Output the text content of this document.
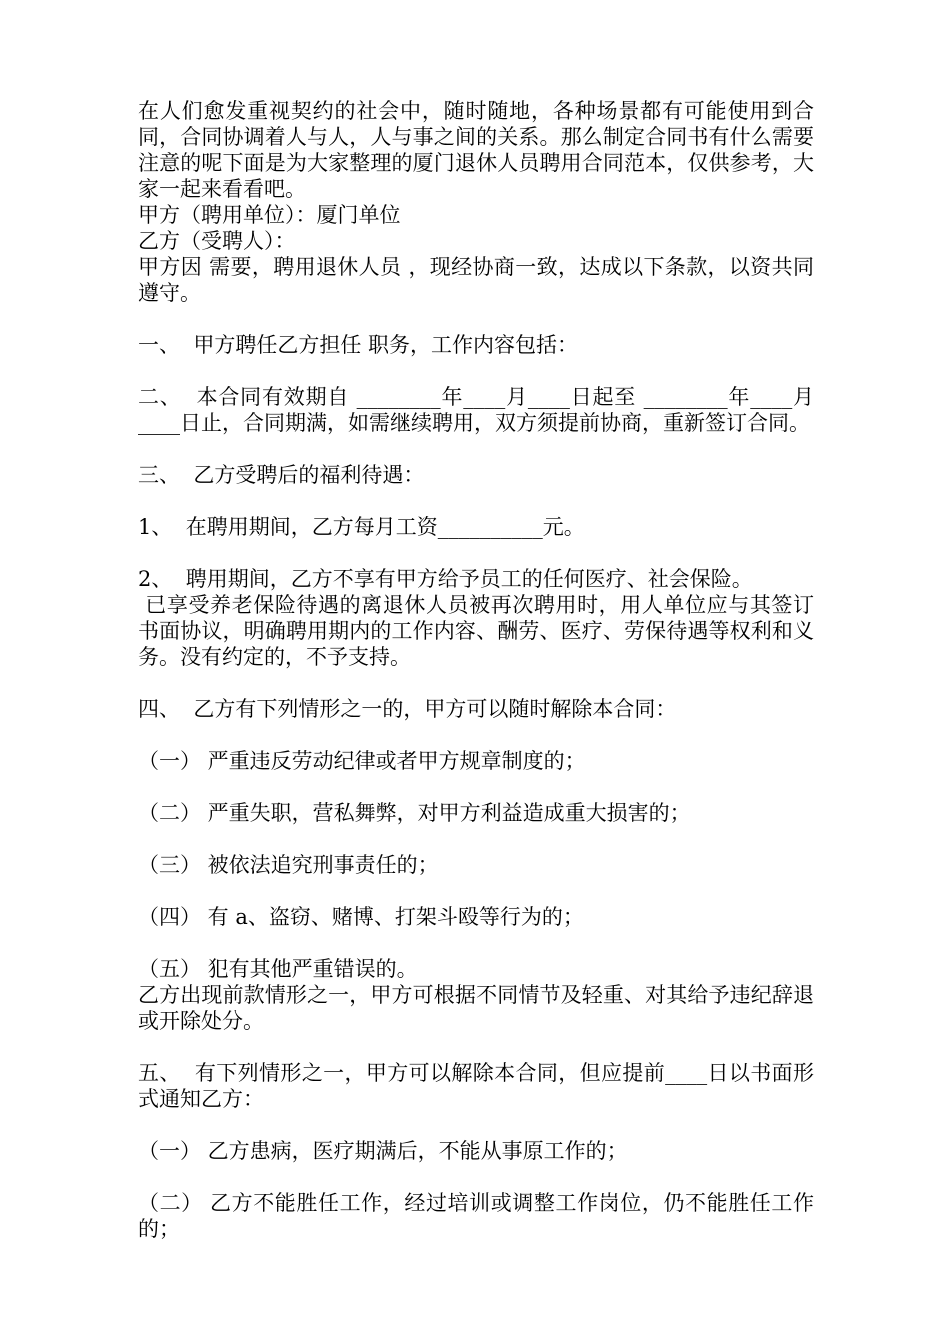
在人们愈发重视契约的社会中，随时随地，各种场景都有可能使用到合同，合同协调着人与人，人与事之间的关系。那么制定合同书有什么需要注意的呢下面是为大家整理的厦门退休人员聘用合同范本，仅供参考，大家一起来看看吧。

甲方（聘用单位）：厦门单位

乙方（受聘人）：

甲方因 需要，聘用退休人员 ，现经协商一致，达成以下条款，以资共同遵守。

一、  甲方聘任乙方担任 职务，工作内容包括：

二、  本合同有效期自 ________年____月____日起至 ________年____月____日止，合同期满，如需继续聘用，双方须提前协商，重新签订合同。

三、  乙方受聘后的福利待遇：

1、  在聘用期间，乙方每月工资__________元。

2、  聘用期间，乙方不享有甲方给予员工的任何医疗、社会保险。

已享受养老保险待遇的离退休人员被再次聘用时，用人单位应与其签订书面协议，明确聘用期内的工作内容、酬劳、医疗、劳保待遇等权利和义务。没有约定的，不予支持。

四、  乙方有下列情形之一的，甲方可以随时解除本合同：

（一） 严重违反劳动纪律或者甲方规章制度的；

（二） 严重失职，营私舞弊，对甲方利益造成重大损害的；

（三） 被依法追究刑事责任的；

（四） 有 a、盗窃、赌博、打架斗殴等行为的；

（五） 犯有其他严重错误的。

乙方出现前款情形之一，甲方可根据不同情节及轻重、对其给予违纪辞退或开除处分。

五、  有下列情形之一，甲方可以解除本合同，但应提前____日以书面形式通知乙方：

（一） 乙方患病，医疗期满后，不能从事原工作的；

（二） 乙方不能胜任工作，经过培训或调整工作岗位，仍不能胜任工作的；
